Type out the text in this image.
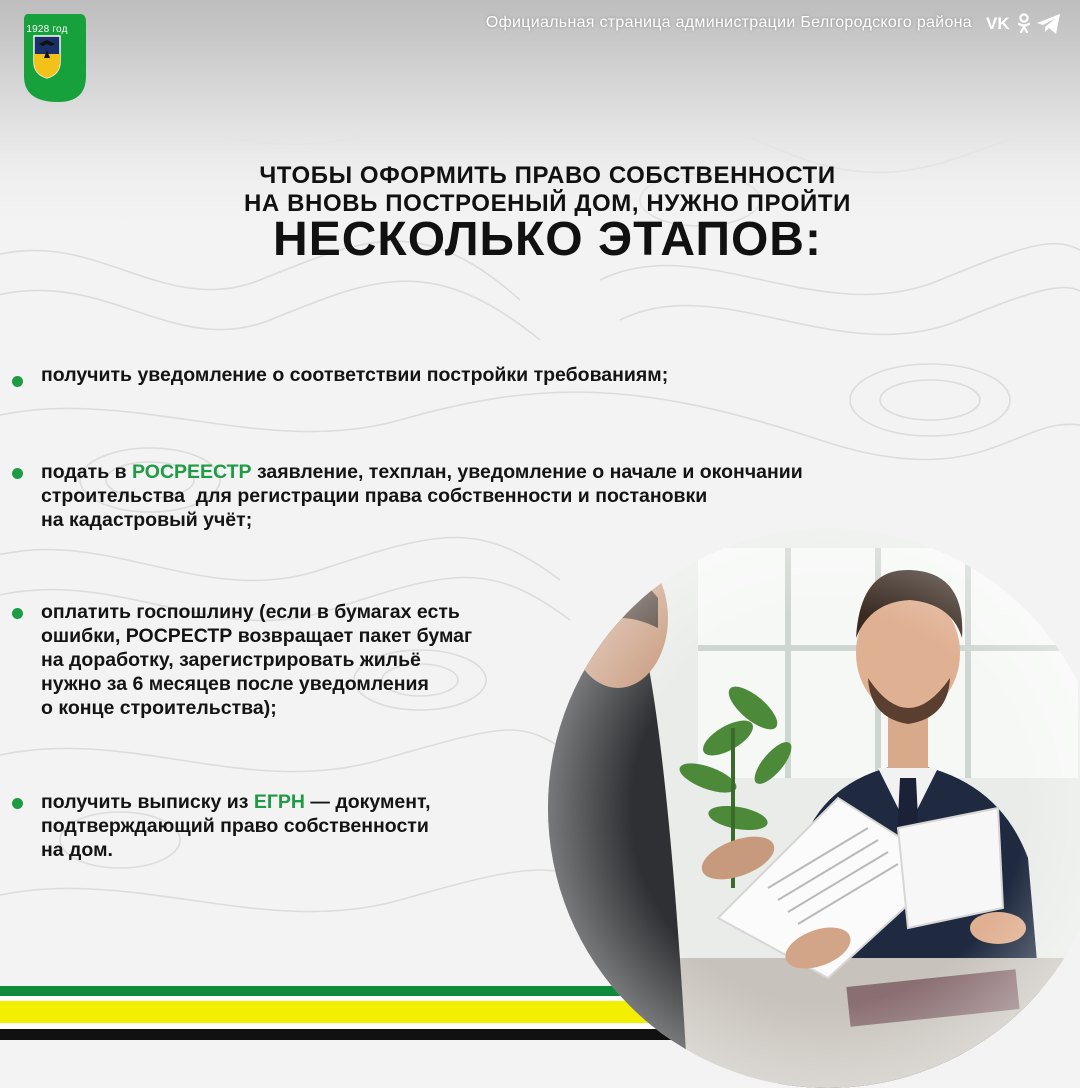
1928 год	Официальная страница администрации Белгородского района VK
ЧТОБЫ ОФОРМИТЬ ПРАВО СОБСТВЕННОСТИ
НА ВНОВЬ ПОСТРОЕНЫЙ ДОМ, НУЖНО ПРОЙТИ
НЕСКОЛЬКО ЭТАПОВ:
получить уведомление о соответствии постройки требованиям;
подать в РОСРЕЕСТР заявление, техплан, уведомление о начале и окончании
строительства  для регистрации права собственности и постановки
на кадастровый учёт;
оплатить госпошлину (если в бумагах есть
ошибки, РОСРЕСТР возвращает пакет бумаг
на доработку, зарегистрировать жильё
нужно за 6 месяцев после уведомления
о конце строительства);
получить выписку из ЕГРН — документ,
подтверждающий право собственности
на дом.
